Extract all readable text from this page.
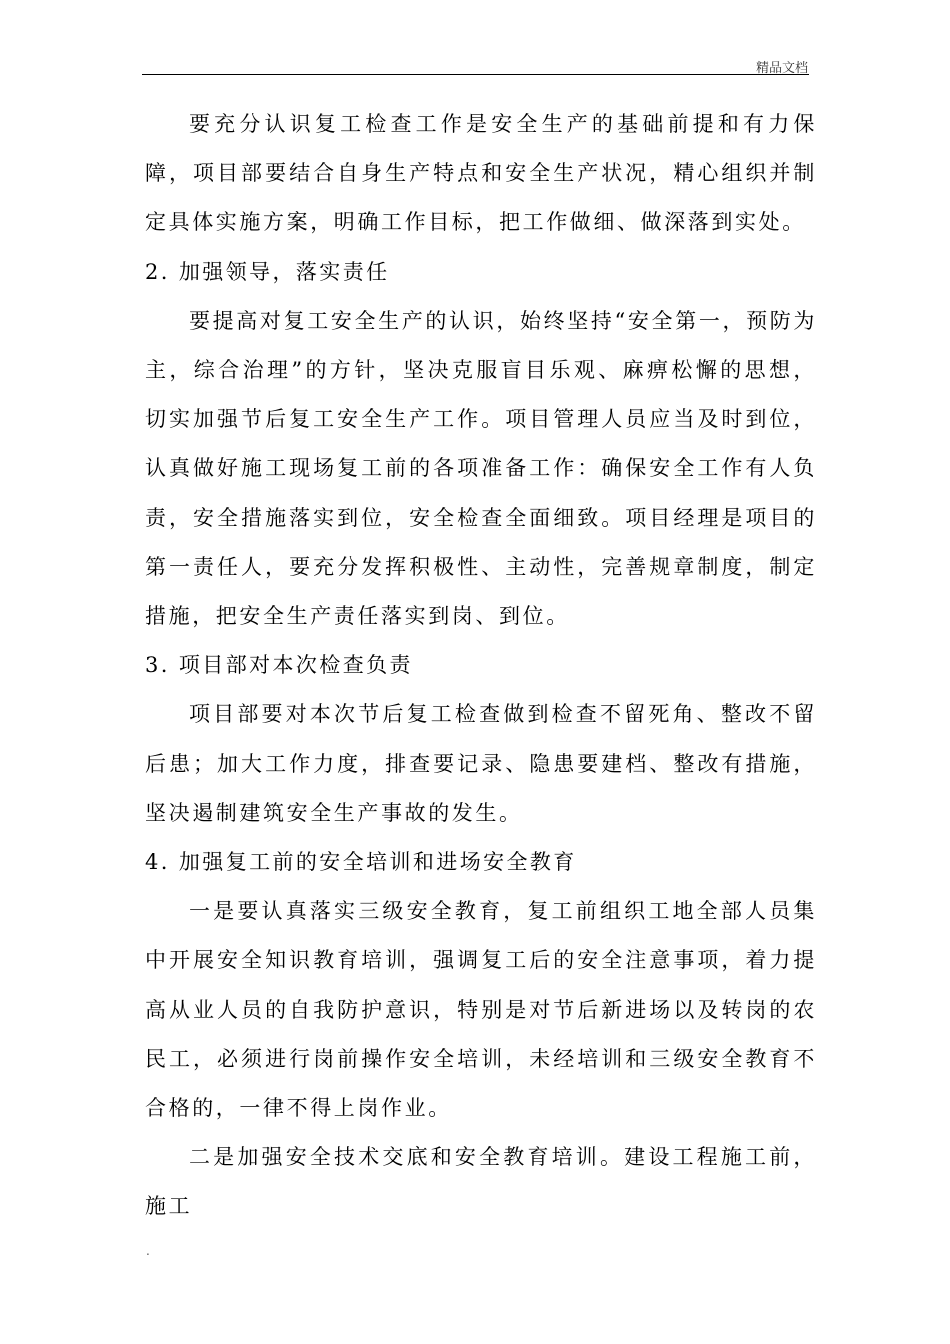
精品文档

要充分认识复工检查工作是安全生产的基础前提和有力保障，项目部要结合自身生产特点和安全生产状况，精心组织并制定具体实施方案，明确工作目标，把工作做细、做深落到实处。

2. 加强领导，落实责任

要提高对复工安全生产的认识，始终坚持“安全第一，预防为主，综合治理”的方针，坚决克服盲目乐观、麻痹松懈的思想，切实加强节后复工安全生产工作。项目管理人员应当及时到位，认真做好施工现场复工前的各项准备工作：确保安全工作有人负责，安全措施落实到位，安全检查全面细致。项目经理是项目的第一责任人，要充分发挥积极性、主动性，完善规章制度，制定措施，把安全生产责任落实到岗、到位。

3. 项目部对本次检查负责

项目部要对本次节后复工检查做到检查不留死角、整改不留后患；加大工作力度，排查要记录、隐患要建档、整改有措施，坚决遏制建筑安全生产事故的发生。

4. 加强复工前的安全培训和进场安全教育

一是要认真落实三级安全教育，复工前组织工地全部人员集中开展安全知识教育培训，强调复工后的安全注意事项，着力提高从业人员的自我防护意识，特别是对节后新进场以及转岗的农民工，必须进行岗前操作安全培训，未经培训和三级安全教育不合格的，一律不得上岗作业。

二是加强安全技术交底和安全教育培训。建设工程施工前，施工

.
